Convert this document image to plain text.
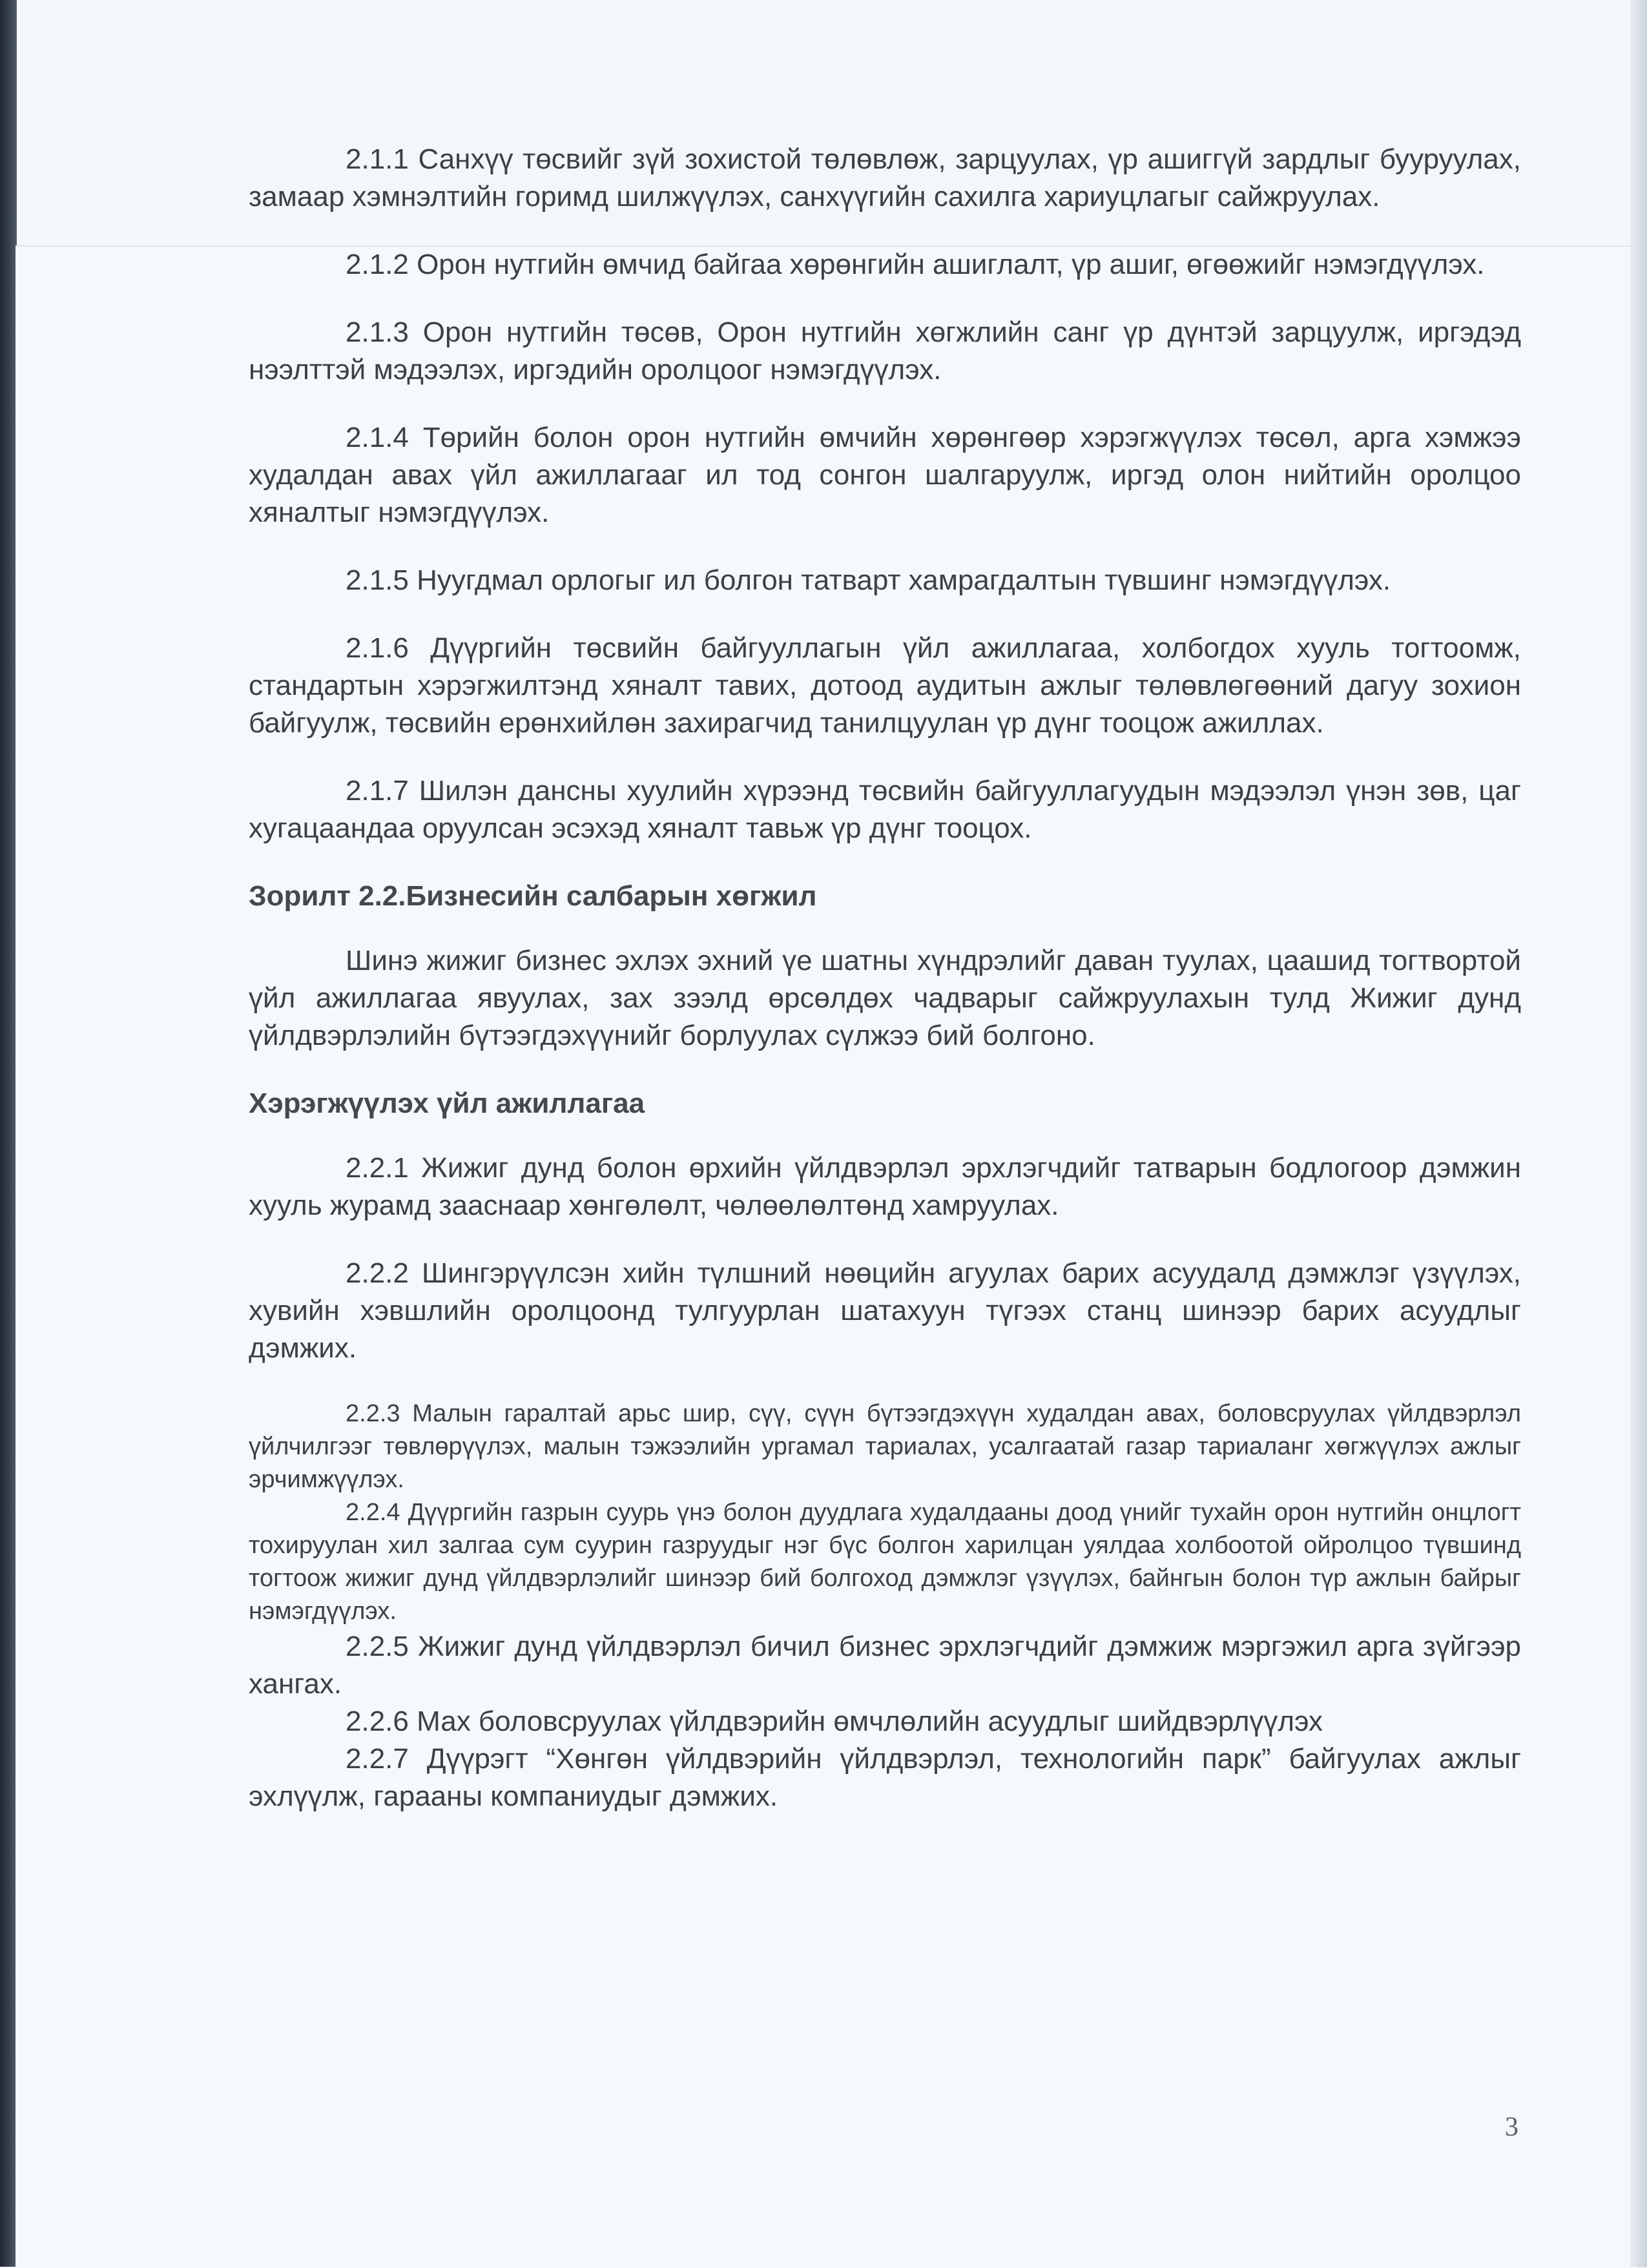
2.1.1 Санхүү төсвийг зүй зохистой төлөвлөж, зарцуулах, үр ашиггүй зардлыг бууруулах, замаар хэмнэлтийн горимд шилжүүлэх, санхүүгийн сахилга хариуцлагыг сайжруулах.

2.1.2 Орон нутгийн өмчид байгаа хөрөнгийн ашиглалт, үр ашиг, өгөөжийг нэмэгдүүлэх.

2.1.3 Орон нутгийн төсөв, Орон нутгийн хөгжлийн санг үр дүнтэй зарцуулж, иргэдэд нээлттэй мэдээлэх, иргэдийн оролцоог нэмэгдүүлэх.

2.1.4 Төрийн болон орон нутгийн өмчийн хөрөнгөөр хэрэгжүүлэх төсөл, арга хэмжээ худалдан авах үйл ажиллагааг ил тод сонгон шалгаруулж, иргэд олон нийтийн оролцоо хяналтыг нэмэгдүүлэх.

2.1.5 Нуугдмал орлогыг ил болгон татварт хамрагдалтын түвшинг нэмэгдүүлэх.

2.1.6 Дүүргийн төсвийн байгууллагын үйл ажиллагаа, холбогдох хууль тогтоомж, стандартын хэрэгжилтэнд хяналт тавих, дотоод аудитын ажлыг төлөвлөгөөний дагуу зохион байгуулж, төсвийн ерөнхийлөн захирагчид танилцуулан үр дүнг тооцож ажиллах.

2.1.7 Шилэн дансны хуулийн хүрээнд төсвийн байгууллагуудын мэдээлэл үнэн зөв, цаг хугацаандаа оруулсан эсэхэд хяналт тавьж үр дүнг тооцох.

Зорилт 2.2.Бизнесийн салбарын хөгжил

Шинэ жижиг бизнес эхлэх эхний үе шатны хүндрэлийг даван туулах, цаашид тогтвортой үйл ажиллагаа явуулах, зах зээлд өрсөлдөх чадварыг сайжруулахын тулд Жижиг дунд үйлдвэрлэлийн бүтээгдэхүүнийг борлуулах сүлжээ бий болгоно.

Хэрэгжүүлэх үйл ажиллагаа

2.2.1 Жижиг дунд болон өрхийн үйлдвэрлэл эрхлэгчдийг татварын бодлогоор дэмжин хууль журамд зааснаар хөнгөлөлт, чөлөөлөлтөнд хамруулах.

2.2.2 Шингэрүүлсэн хийн түлшний нөөцийн агуулах барих асуудалд дэмжлэг үзүүлэх, хувийн хэвшлийн оролцоонд тулгуурлан шатахуун түгээх станц шинээр барих асуудлыг дэмжих.

2.2.3 Малын гаралтай арьс шир, сүү, сүүн бүтээгдэхүүн худалдан авах, боловсруулах үйлдвэрлэл үйлчилгээг төвлөрүүлэх, малын тэжээлийн ургамал тариалах, усалгаатай газар тариаланг хөгжүүлэх ажлыг эрчимжүүлэх.

2.2.4 Дүүргийн газрын суурь үнэ болон дуудлага худалдааны доод үнийг тухайн орон нутгийн онцлогт тохируулан хил залгаа сум суурин газруудыг нэг бүс болгон харилцан уялдаа холбоотой ойролцоо түвшинд тогтоож жижиг дунд үйлдвэрлэлийг шинээр бий болгоход дэмжлэг үзүүлэх, байнгын болон түр ажлын байрыг нэмэгдүүлэх.

2.2.5 Жижиг дунд үйлдвэрлэл бичил бизнес эрхлэгчдийг дэмжиж мэргэжил арга зүйгээр хангах.

2.2.6 Мах боловсруулах үйлдвэрийн өмчлөлийн асуудлыг шийдвэрлүүлэх

2.2.7 Дүүрэгт “Хөнгөн үйлдвэрийн үйлдвэрлэл, технологийн парк” байгуулах ажлыг эхлүүлж, гарааны компаниудыг дэмжих.

3
